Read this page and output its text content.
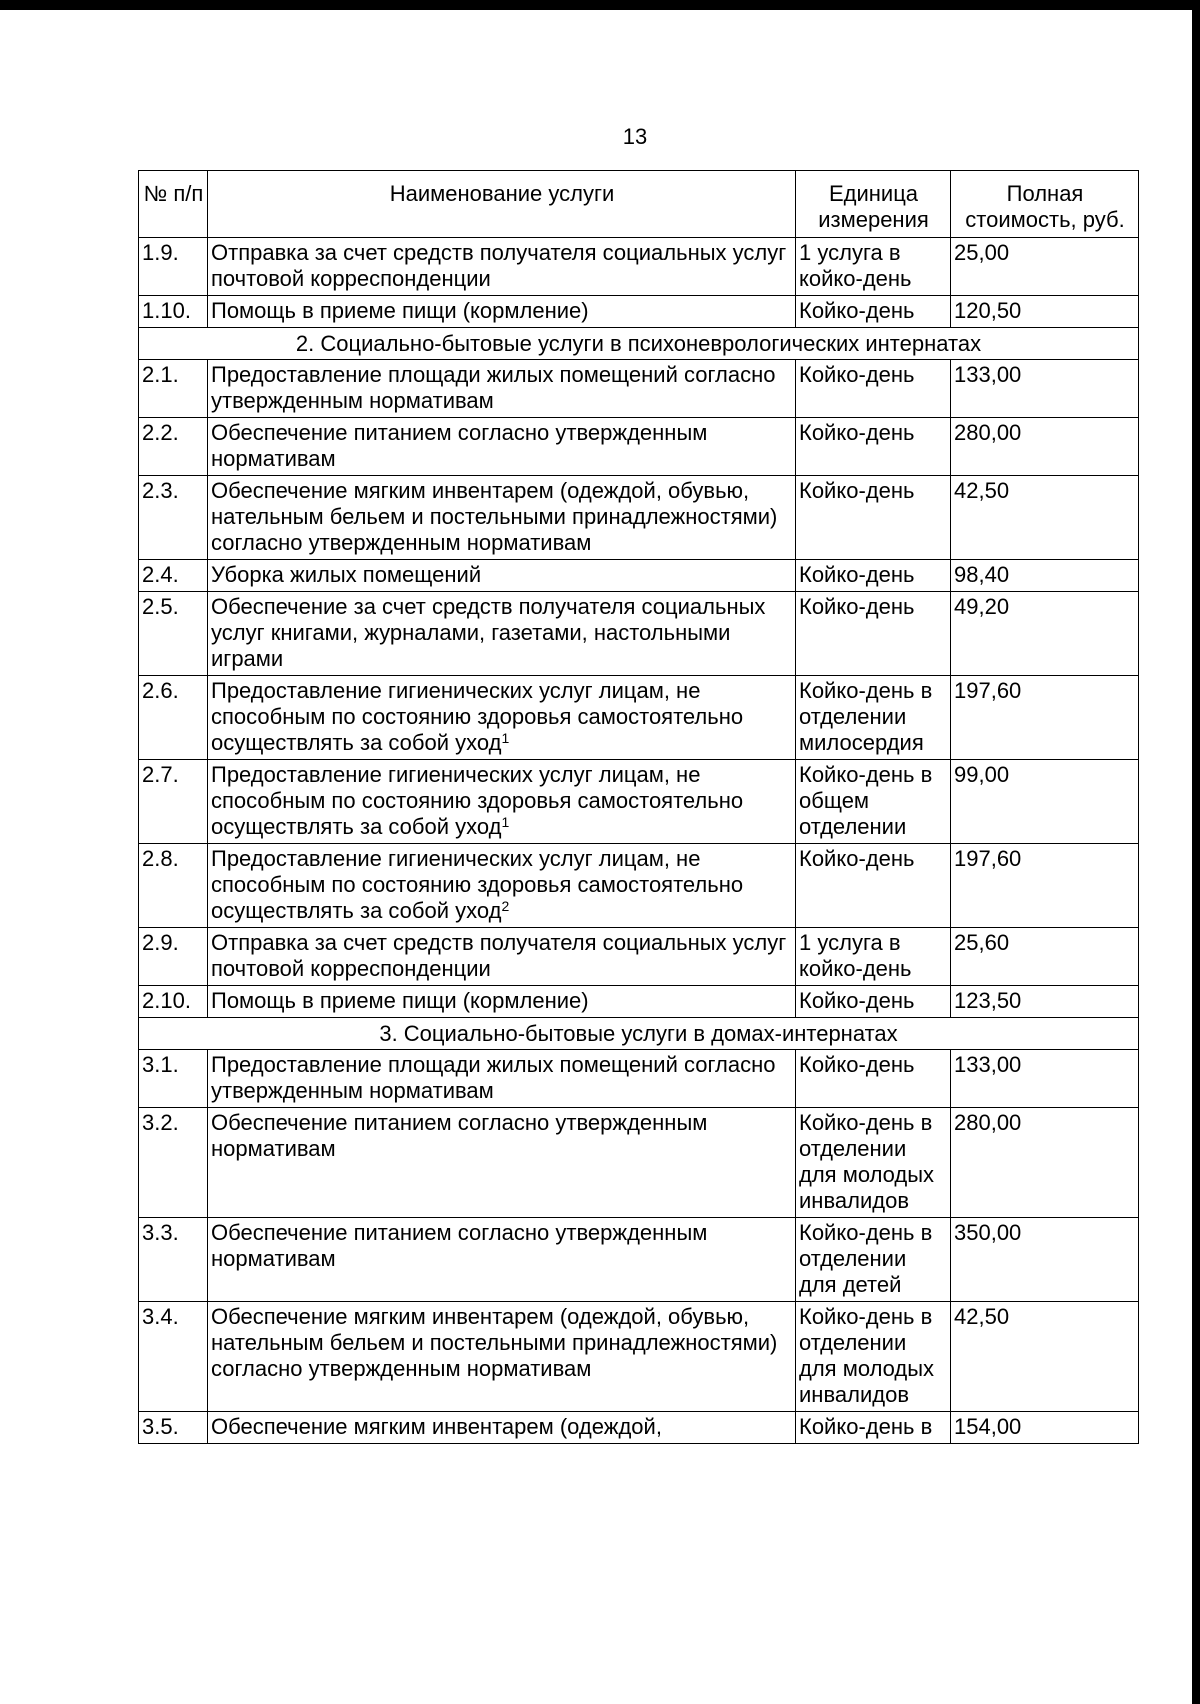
13
№ п/п	Наименование услуги	Единица измерения	Полная стоимость, руб.
1.9.	Отправка за счет средств получателя социальных услуг почтовой корреспонденции	1 услуга в койко-день	25,00
1.10.	Помощь в приеме пищи (кормление)	Койко-день	120,50
2. Социально-бытовые услуги в психоневрологических интернатах			
2.1.	Предоставление площади жилых помещений согласно утвержденным нормативам	Койко-день	133,00
2.2.	Обеспечение питанием согласно утвержденным нормативам	Койко-день	280,00
2.3.	Обеспечение мягким инвентарем (одеждой, обувью, нательным бельем и постельными принадлежностями) согласно утвержденным нормативам	Койко-день	42,50
2.4.	Уборка жилых помещений	Койко-день	98,40
2.5.	Обеспечение за счет средств получателя социальных услуг книгами, журналами, газетами, настольными играми	Койко-день	49,20
2.6.	Предоставление гигиенических услуг лицам, не способным по состоянию здоровья самостоятельно осуществлять за собой уход$^1$	Койко-день в отделении милосердия	197,60
2.7.	Предоставление гигиенических услуг лицам, не способным по состоянию здоровья самостоятельно осуществлять за собой уход$^1$	Койко-день в общем отделении	99,00
2.8.	Предоставление гигиенических услуг лицам, не способным по состоянию здоровья самостоятельно осуществлять за собой уход$^2$	Койко-день	197,60
2.9.	Отправка за счет средств получателя социальных услуг почтовой корреспонденции	1 услуга в койко-день	25,60
2.10.	Помощь в приеме пищи (кормление)	Койко-день	123,50
3. Социально-бытовые услуги в домах-интернатах			
3.1.	Предоставление площади жилых помещений согласно утвержденным нормативам	Койко-день	133,00
3.2.	Обеспечение питанием согласно утвержденным нормативам	Койко-день в отделении для молодых инвалидов	280,00
3.3.	Обеспечение питанием согласно утвержденным нормативам	Койко-день в отделении для детей	350,00
3.4.	Обеспечение мягким инвентарем (одеждой, обувью, нательным бельем и постельными принадлежностями) согласно утвержденным нормативам	Койко-день в отделении для молодых инвалидов	42,50
3.5.	Обеспечение мягким инвентарем (одеждой,	Койко-день в	154,00
